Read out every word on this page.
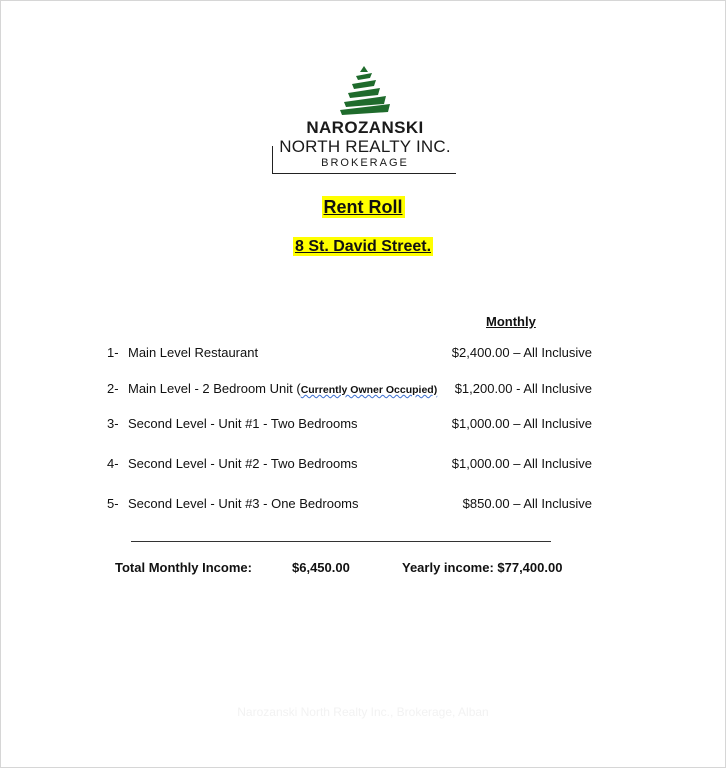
NAROZANSKI
NORTH REALTY INC.
BROKERAGE
Rent Roll
8 St. David Street.
Monthly
1- Main Level Restaurant	$2,400.00 – All Inclusive
2- Main Level - 2 Bedroom Unit (Currently Owner Occupied) $1,200.00 - All Inclusive
3- Second Level - Unit #1 - Two Bedrooms	$1,000.00 – All Inclusive
4- Second Level - Unit #2 - Two Bedrooms	$1,000.00 – All Inclusive
5- Second Level - Unit #3 - One Bedrooms	$850.00 – All Inclusive
Total Monthly Income:	$6,450.00	Yearly income: $77,400.00
Narozanski North Realty Inc., Brokerage, Alban
